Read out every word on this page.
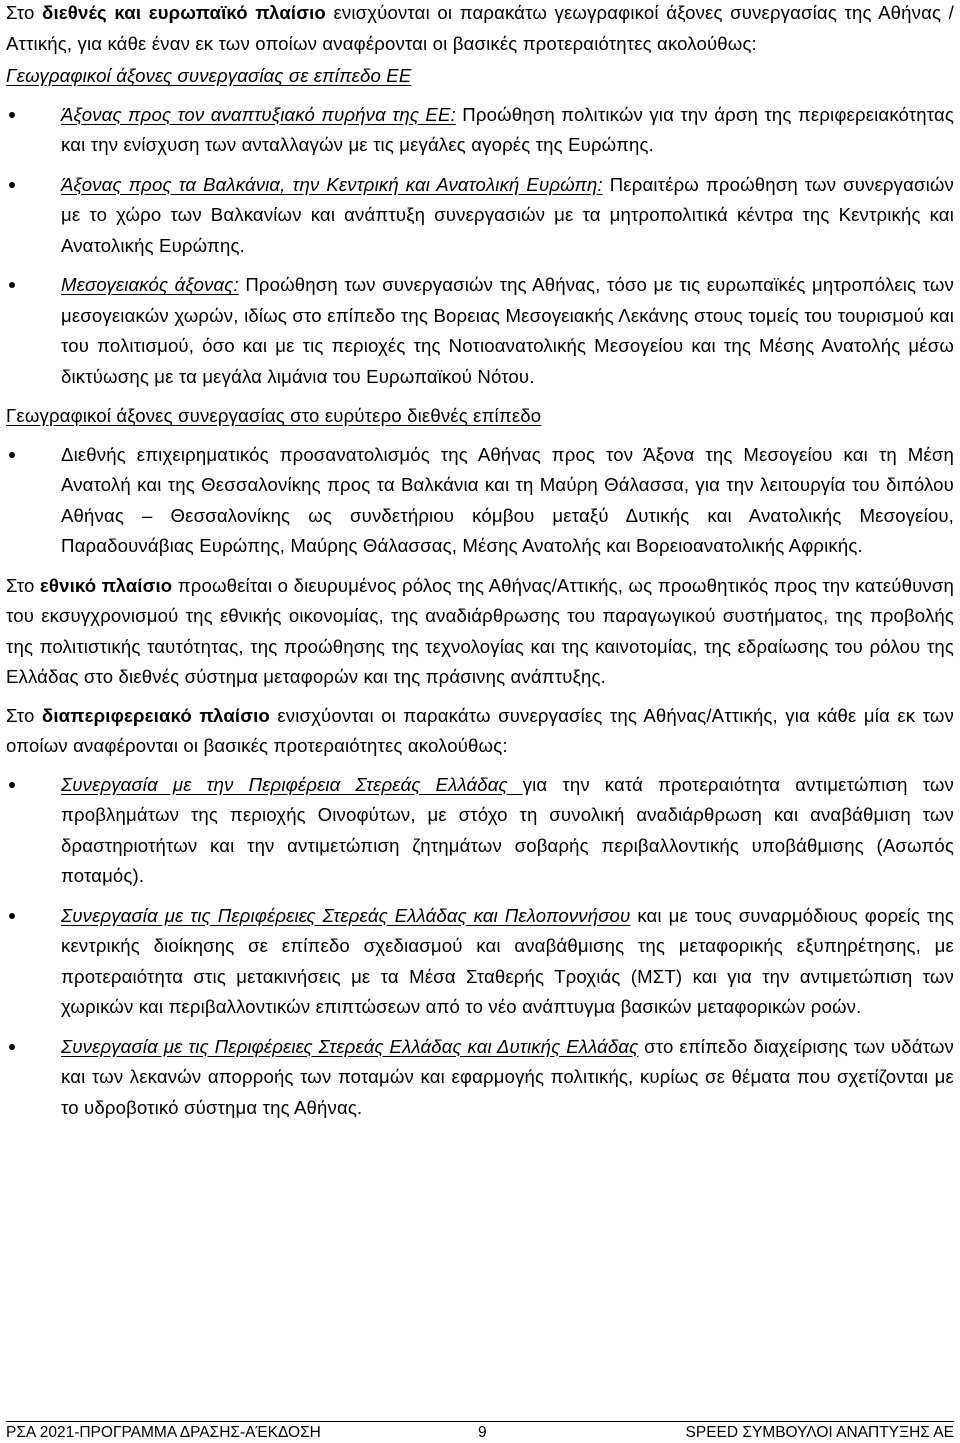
Στο διεθνές και ευρωπαϊκό πλαίσιο ενισχύονται οι παρακάτω γεωγραφικοί άξονες συνεργασίας της Αθήνας / Αττικής, για κάθε έναν εκ των οποίων αναφέρονται οι βασικές προτεραιότητες ακολούθως:

Γεωγραφικοί άξονες συνεργασίας σε επίπεδο ΕΕ

Άξονας προς τον αναπτυξιακό πυρήνα της ΕΕ: Προώθηση πολιτικών για την άρση της περιφερειακότητας και την ενίσχυση των ανταλλαγών με τις μεγάλες αγορές της Ευρώπης.

Άξονας προς τα Βαλκάνια, την Κεντρική και Ανατολική Ευρώπη: Περαιτέρω προώθηση των συνεργασιών με το χώρο των Βαλκανίων και ανάπτυξη συνεργασιών με τα μητροπολιτικά κέντρα της Κεντρικής και Ανατολικής Ευρώπης.

Μεσογειακός άξονας: Προώθηση των συνεργασιών της Αθήνας, τόσο με τις ευρωπαϊκές μητροπόλεις των μεσογειακών χωρών, ιδίως στο επίπεδο της Βορειας Μεσογειακής Λεκάνης στους τομείς του τουρισμού και του πολιτισμού, όσο και με τις περιοχές της Νοτιοανατολικής Μεσογείου και της Μέσης Ανατολής μέσω δικτύωσης με τα μεγάλα λιμάνια του Ευρωπαϊκού Νότου.

Γεωγραφικοί άξονες συνεργασίας στο ευρύτερο διεθνές επίπεδο

Διεθνής επιχειρηματικός προσανατολισμός της Αθήνας προς τον Άξονα της Μεσογείου και τη Μέση Ανατολή και της Θεσσαλονίκης προς τα Βαλκάνια και τη Μαύρη Θάλασσα, για την λειτουργία του διπόλου Αθήνας – Θεσσαλονίκης ως συνδετήριου κόμβου μεταξύ Δυτικής και Ανατολικής Μεσογείου, Παραδουνάβιας Ευρώπης, Μαύρης Θάλασσας, Μέσης Ανατολής και Βορειοανατολικής Αφρικής.

Στο εθνικό πλαίσιο προωθείται ο διευρυμένος ρόλος της Αθήνας/Αττικής, ως προωθητικός προς την κατεύθυνση του εκσυγχρονισμού της εθνικής οικονομίας, της αναδιάρθρωσης του παραγωγικού συστήματος, της προβολής της πολιτιστικής ταυτότητας, της προώθησης της τεχνολογίας και της καινοτομίας, της εδραίωσης του ρόλου της Ελλάδας στο διεθνές σύστημα μεταφορών και της πράσινης ανάπτυξης.

Στο διαπεριφερειακό πλαίσιο ενισχύονται οι παρακάτω συνεργασίες της Αθήνας/Αττικής, για κάθε μία εκ των οποίων αναφέρονται οι βασικές προτεραιότητες ακολούθως:

Συνεργασία με την Περιφέρεια Στερεάς Ελλάδας για την κατά προτεραιότητα αντιμετώπιση των προβλημάτων της περιοχής Οινοφύτων, με στόχο τη συνολική αναδιάρθρωση και αναβάθμιση των δραστηριοτήτων και την αντιμετώπιση ζητημάτων σοβαρής περιβαλλοντικής υποβάθμισης (Ασωπός ποταμός).

Συνεργασία με τις Περιφέρειες Στερεάς Ελλάδας και Πελοποννήσου και με τους συναρμόδιους φορείς της κεντρικής διοίκησης σε επίπεδο σχεδιασμού και αναβάθμισης της μεταφορικής εξυπηρέτησης, με προτεραιότητα στις μετακινήσεις με τα Μέσα Σταθερής Τροχιάς (ΜΣΤ) και για την αντιμετώπιση των χωρικών και περιβαλλοντικών επιπτώσεων από το νέο ανάπτυγμα βασικών μεταφορικών ροών.

Συνεργασία με τις Περιφέρειες Στερεάς Ελλάδας και Δυτικής Ελλάδας στο επίπεδο διαχείρισης των υδάτων και των λεκανών απορροής των ποταμών και εφαρμογής πολιτικής, κυρίως σε θέματα που σχετίζονται με το υδροβοτικό σύστημα της Αθήνας.

ΡΣΑ 2021-ΠΡΟΓΡΑΜΜΑ ΔΡΑΣΗΣ-ΑΈΚΔΟΣΗ	9	SPEED ΣΥΜΒΟΥΛΟΙ ΑΝΑΠΤΥΞΗΣ ΑΕ
